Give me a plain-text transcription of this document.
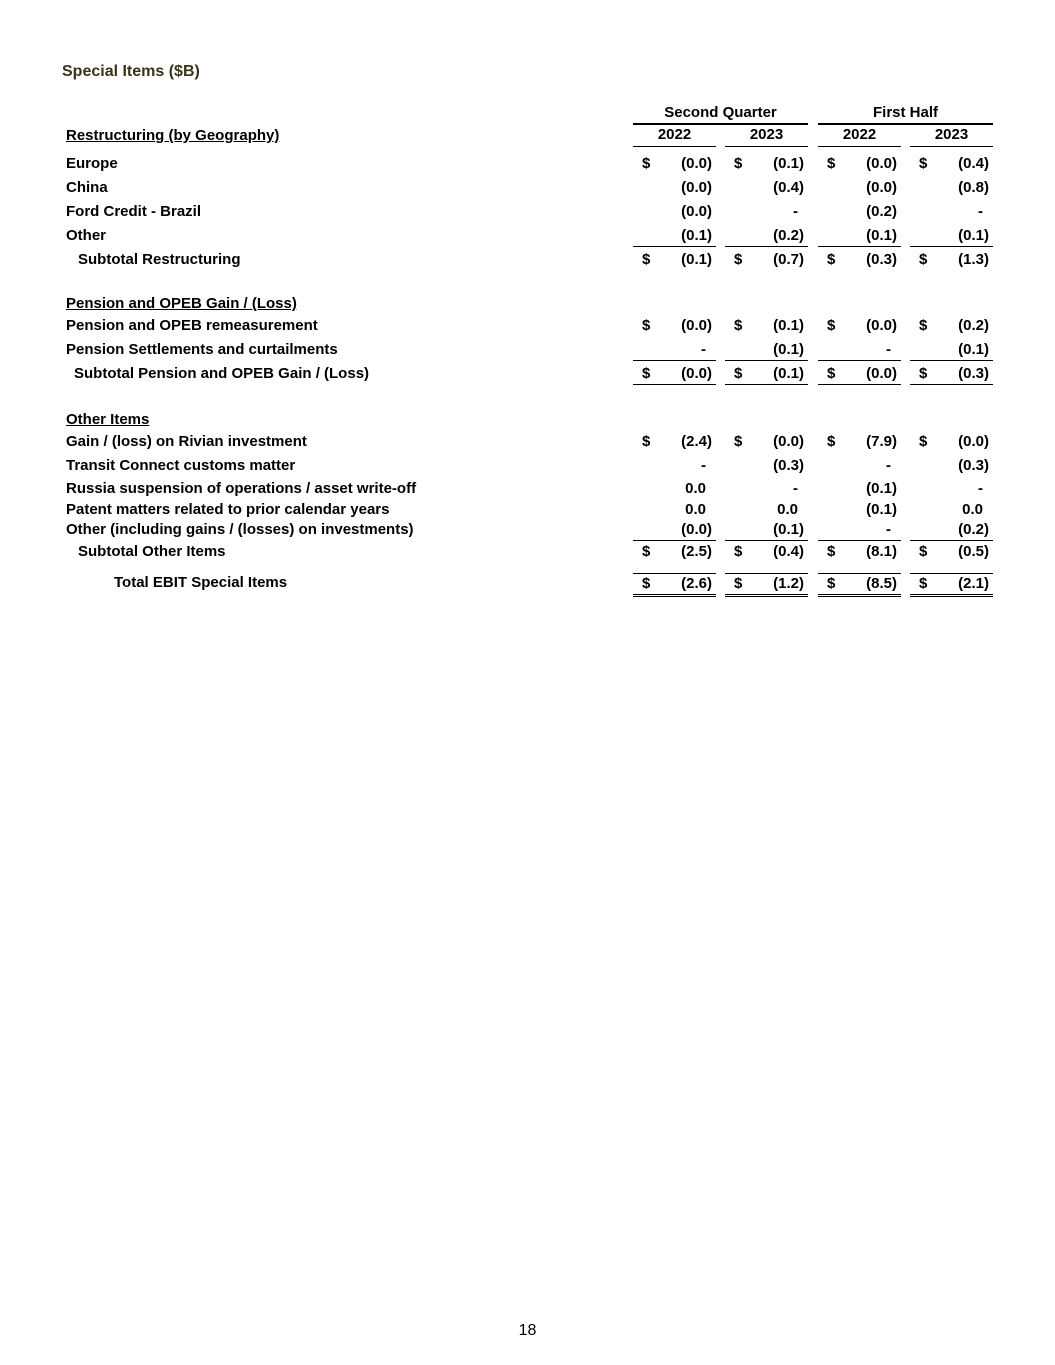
Special Items ($B)
Second Quarter	First Half
2022	2023	2022	2023
Restructuring (by Geography)
Europe	$ (0.0) $ (0.1) $ (0.0) $ (0.4)
China	(0.0)	(0.4)	(0.0)	(0.8)
Ford Credit - Brazil	(0.0)	-	(0.2)	-
Other	(0.1)	(0.2)	(0.1)	(0.1)
Subtotal Restructuring	$ (0.1) $ (0.7) $ (0.3) $ (1.3)
Pension and OPEB Gain / (Loss)
Pension and OPEB remeasurement	$ (0.0) $ (0.1) $ (0.0) $ (0.2)
Pension Settlements and curtailments	-	(0.1)	-	(0.1)
Subtotal Pension and OPEB Gain / (Loss)	$ (0.0) $ (0.1) $ (0.0) $ (0.3)
Other Items
Gain / (loss) on Rivian investment	$ (2.4) $ (0.0) $ (7.9) $ (0.0)
Transit Connect customs matter	-	(0.3)	-	(0.3)
Russia suspension of operations / asset write-off	0.0	-	(0.1)	-
Patent matters related to prior calendar years	0.0	0.0	(0.1)	0.0
Other (including gains / (losses) on investments)	(0.0)	(0.1)	-	(0.2)
Subtotal Other Items	$ (2.5) $ (0.4) $ (8.1) $ (0.5)
Total EBIT Special Items	$ (2.6) $ (1.2) $ (8.5) $ (2.1)
18
